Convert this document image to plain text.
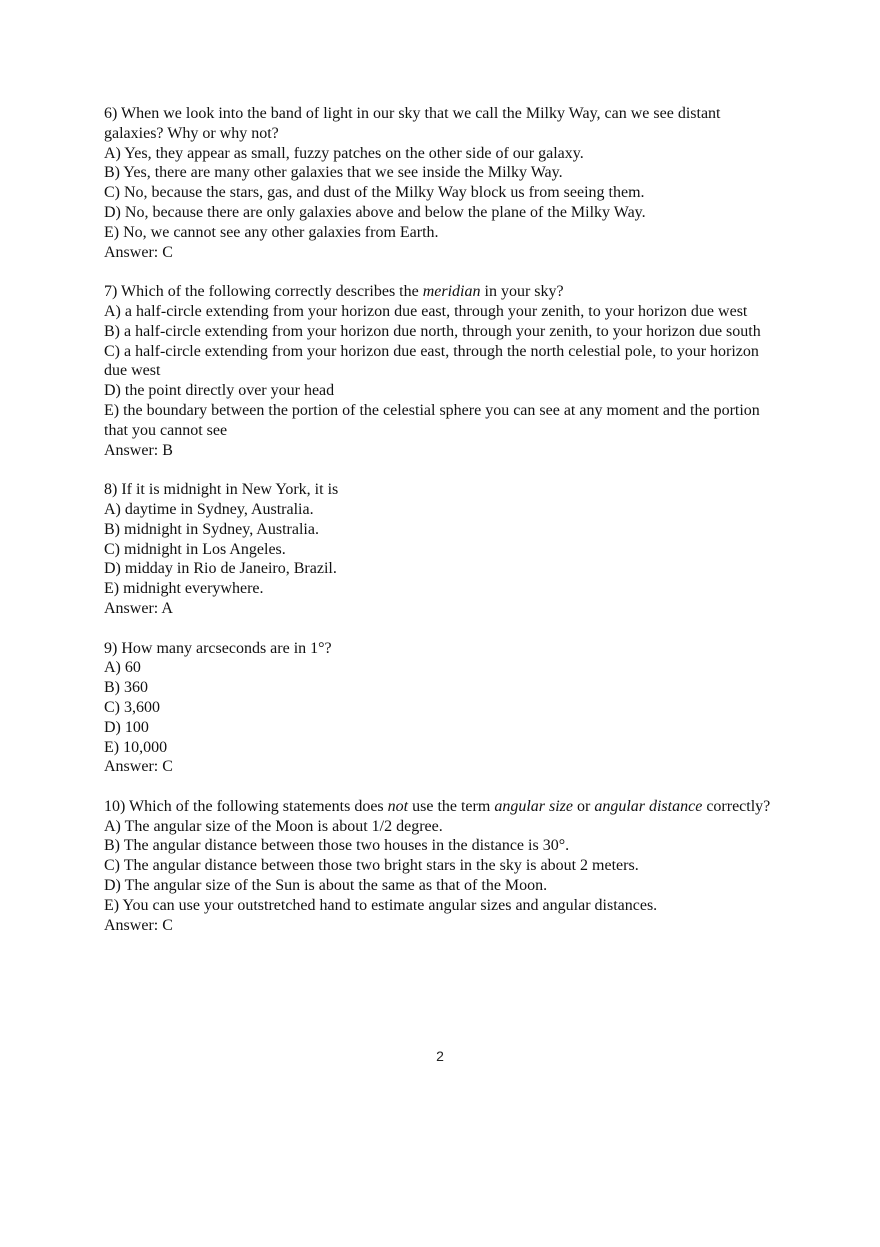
6) When we look into the band of light in our sky that we call the Milky Way, can we see distant galaxies? Why or why not?

A) Yes, they appear as small, fuzzy patches on the other side of our galaxy.

B) Yes, there are many other galaxies that we see inside the Milky Way.

C) No, because the stars, gas, and dust of the Milky Way block us from seeing them.

D) No, because there are only galaxies above and below the plane of the Milky Way.

E) No, we cannot see any other galaxies from Earth.

Answer: C

7) Which of the following correctly describes the meridian in your sky?

A) a half-circle extending from your horizon due east, through your zenith, to your horizon due west

B) a half-circle extending from your horizon due north, through your zenith, to your horizon due south

C) a half-circle extending from your horizon due east, through the north celestial pole, to your horizon due west

D) the point directly over your head

E) the boundary between the portion of the celestial sphere you can see at any moment and the portion that you cannot see

Answer: B

8) If it is midnight in New York, it is

A) daytime in Sydney, Australia.

B) midnight in Sydney, Australia.

C) midnight in Los Angeles.

D) midday in Rio de Janeiro, Brazil.

E) midnight everywhere.

Answer: A

9) How many arcseconds are in 1°?

A) 60

B) 360

C) 3,600

D) 100

E) 10,000

Answer: C

10) Which of the following statements does not use the term angular size or angular distance correctly?

A) The angular size of the Moon is about 1/2 degree.

B) The angular distance between those two houses in the distance is 30°.

C) The angular distance between those two bright stars in the sky is about 2 meters.

D) The angular size of the Sun is about the same as that of the Moon.

E) You can use your outstretched hand to estimate angular sizes and angular distances.

Answer: C

2
